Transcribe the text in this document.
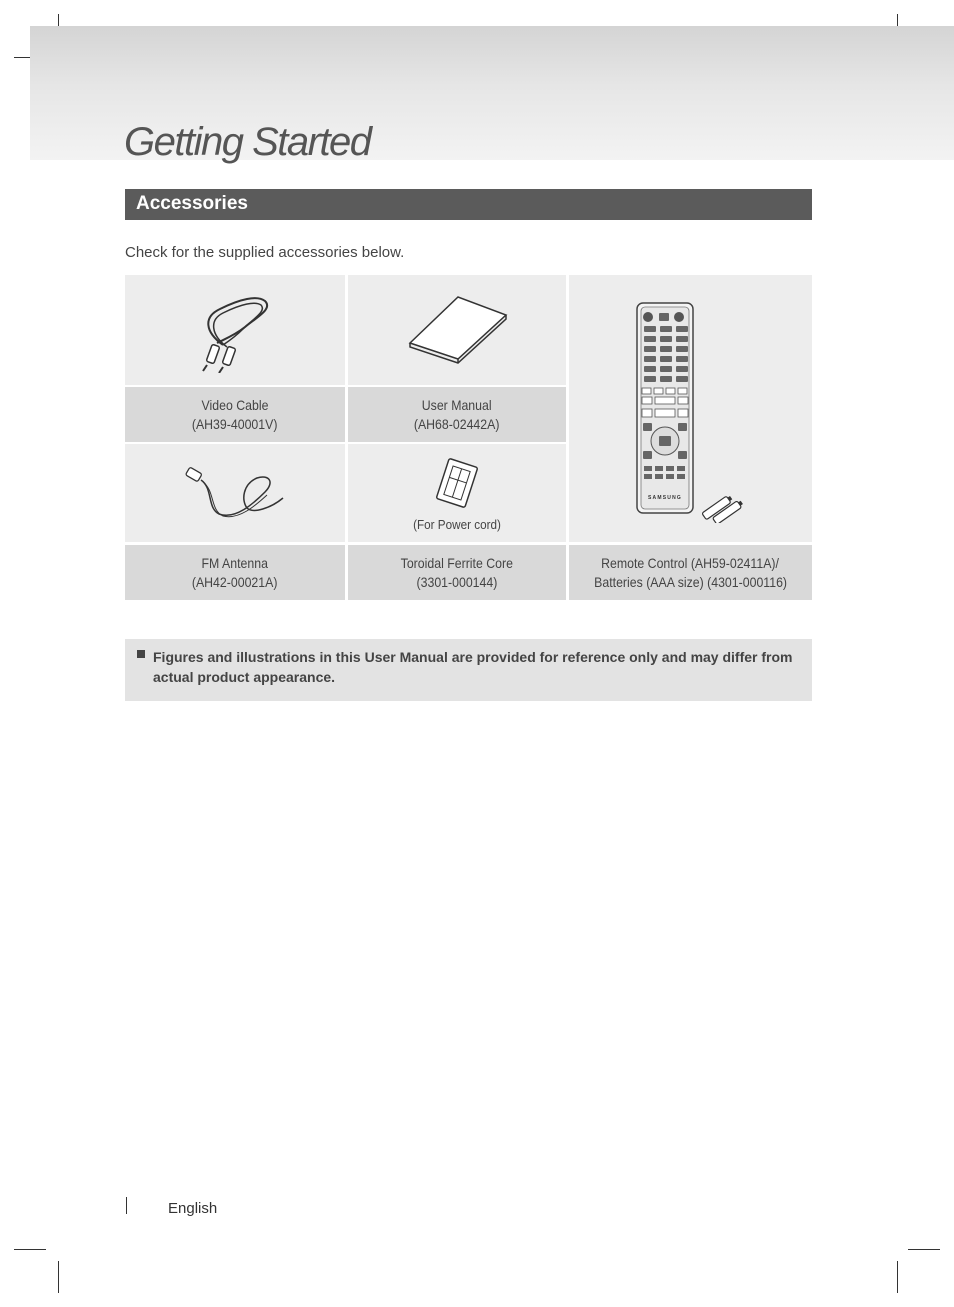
Getting Started
Accessories
Check for the supplied accessories below.
SAMSUNG
Video Cable
(AH39-40001V)
User Manual
(AH68-02442A)
(For Power cord)
FM Antenna
(AH42-00021A)
Toroidal Ferrite Core
(3301-000144)
Remote Control (AH59-02411A)/
Batteries (AAA size) (4301-000116)
Figures and illustrations in this User Manual are provided for reference only and may differ from actual product appearance.
English
